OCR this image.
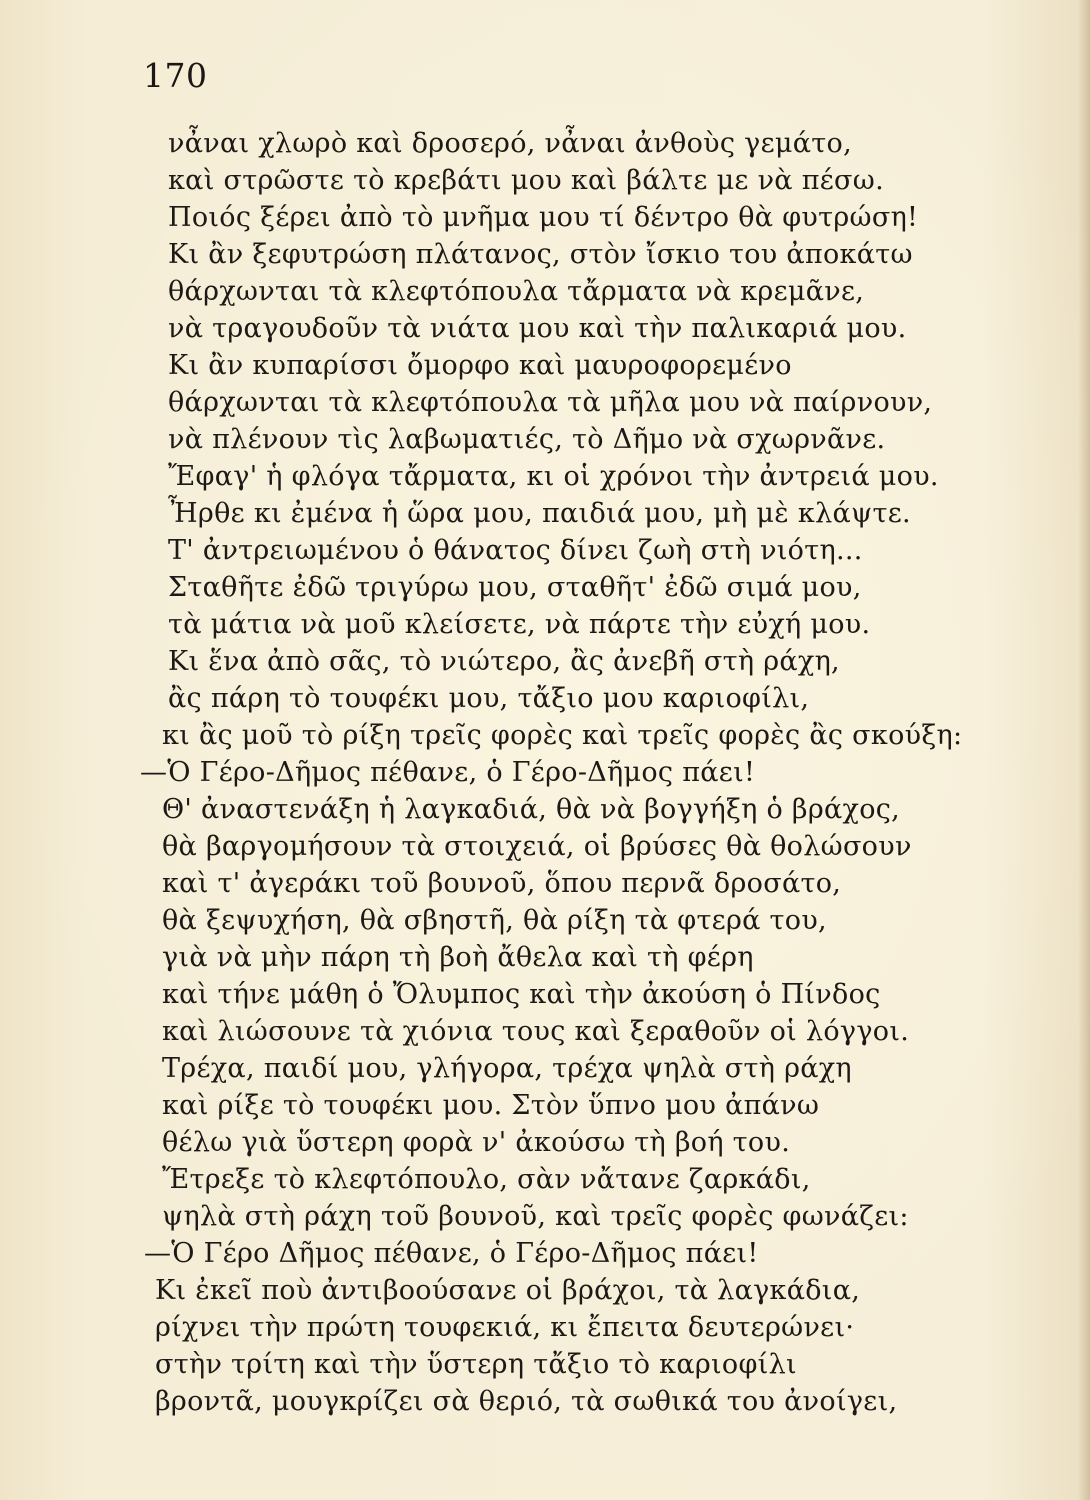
170
νἆναι χλωρὸ καὶ δροσερό, νἆναι ἀνθοὺς γεμάτο,
καὶ στρῶστε τὸ κρεβάτι μου καὶ βάλτε με νὰ πέσω.
Ποιός ξέρει ἀπὸ τὸ μνῆμα μου τί δέντρο θὰ φυτρώση!
Κι ἂν ξεφυτρώση πλάτανος, στὸν ἴσκιο του ἀποκάτω
θάρχωνται τὰ κλεφτόπουλα τἄρματα νὰ κρεμᾶνε,
νὰ τραγουδοῦν τὰ νιάτα μου καὶ τὴν παλικαριά μου.
Κι ἂν κυπαρίσσι ὄμορφο καὶ μαυροφορεμένο
θάρχωνται τὰ κλεφτόπουλα τὰ μῆλα μου νὰ παίρνουν,
νὰ πλένουν τὶς λαβωματιές, τὸ Δῆμο νὰ σχωρνᾶνε.
Ἔφαγ' ἡ φλόγα τἄρματα, κι οἱ χρόνοι τὴν ἀντρειά μου.
Ἦρθε κι ἐμένα ἡ ὥρα μου, παιδιά μου, μὴ μὲ κλάψτε.
Τ' ἀντρειωμένου ὁ θάνατος δίνει ζωὴ στὴ νιότη...
Σταθῆτε ἐδῶ τριγύρω μου, σταθῆτ' ἐδῶ σιμά μου,
τὰ μάτια νὰ μοῦ κλείσετε, νὰ πάρτε τὴν εὐχή μου.
Κι ἕνα ἀπὸ σᾶς, τὸ νιώτερο, ἂς ἀνεβῆ στὴ ράχη,
ἂς πάρη τὸ τουφέκι μου, τἄξιο μου καριοφίλι,
κι ἂς μοῦ τὸ ρίξη τρεῖς φορὲς καὶ τρεῖς φορὲς ἂς σκούξη:
—Ὁ Γέρο-Δῆμος πέθανε, ὁ Γέρο-Δῆμος πάει!
Θ' ἀναστενάξη ἡ λαγκαδιά, θὰ νὰ βογγήξη ὁ βράχος,
θὰ βαργομήσουν τὰ στοιχειά, οἱ βρύσες θὰ θολώσουν
καὶ τ' ἀγεράκι τοῦ βουνοῦ, ὅπου περνᾶ δροσάτο,
θὰ ξεψυχήση, θὰ σβηστῆ, θὰ ρίξη τὰ φτερά του,
γιὰ νὰ μὴν πάρη τὴ βοὴ ἄθελα καὶ τὴ φέρη
καὶ τήνε μάθη ὁ Ὄλυμπος καὶ τὴν ἀκούση ὁ Πίνδος
καὶ λιώσουνε τὰ χιόνια τους καὶ ξεραθοῦν οἱ λόγγοι.
Τρέχα, παιδί μου, γλήγορα, τρέχα ψηλὰ στὴ ράχη
καὶ ρίξε τὸ τουφέκι μου. Στὸν ὕπνο μου ἀπάνω
θέλω γιὰ ὕστερη φορὰ ν' ἀκούσω τὴ βοή του.
Ἔτρεξε τὸ κλεφτόπουλο, σὰν νἄτανε ζαρκάδι,
ψηλὰ στὴ ράχη τοῦ βουνοῦ, καὶ τρεῖς φορὲς φωνάζει:
—Ὁ Γέρο Δῆμος πέθανε, ὁ Γέρο-Δῆμος πάει!
Κι ἐκεῖ ποὺ ἀντιβοούσανε οἱ βράχοι, τὰ λαγκάδια,
ρίχνει τὴν πρώτη τουφεκιά, κι ἔπειτα δευτερώνει·
στὴν τρίτη καὶ τὴν ὕστερη τἄξιο τὸ καριοφίλι
βροντᾶ, μουγκρίζει σὰ θεριό, τὰ σωθικά του ἀνοίγει,
